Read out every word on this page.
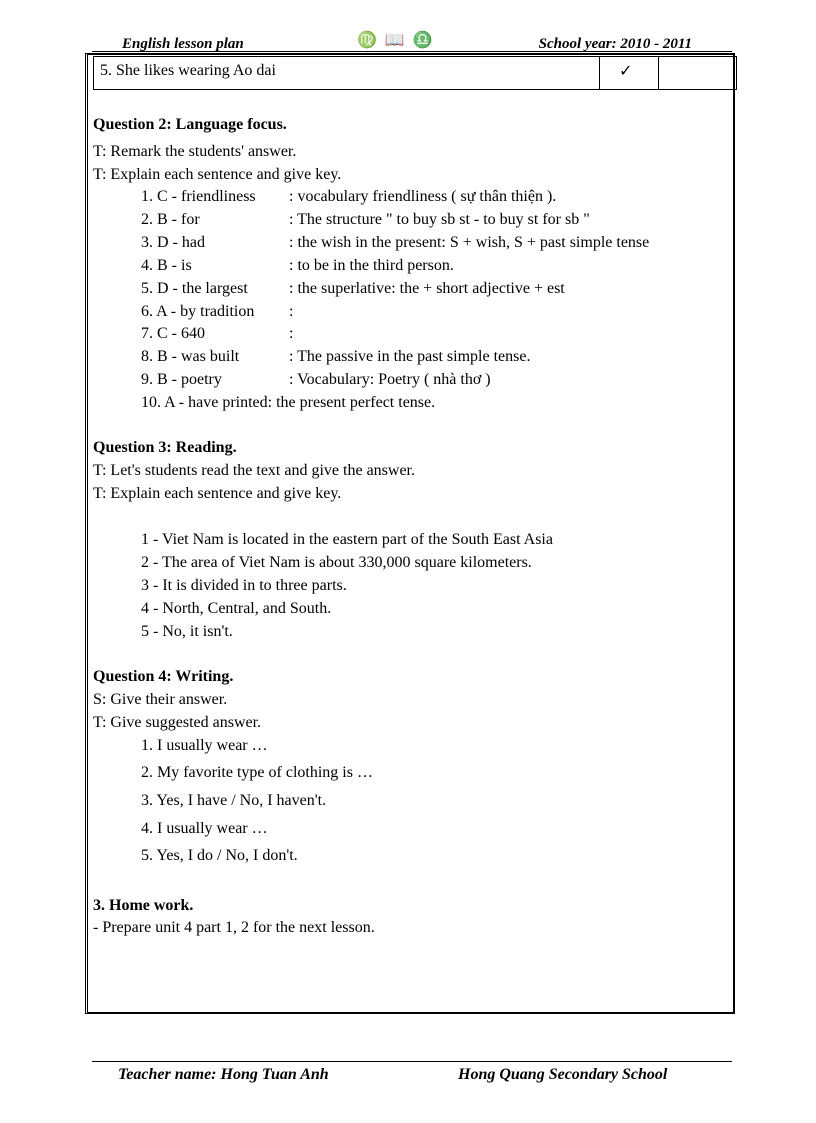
English lesson plan	♍ 📖 ♎	School year: 2010 - 2011
5. She likes wearing Ao dai	✓
Question 2: Language focus.
T: Remark the students' answer.
T: Explain each sentence and give key.
1. C - friendliness : vocabulary friendliness ( sự thân thiện ).
2. B - for	: The structure " to buy sb st - to buy st for sb "
3. D - had	: the wish in the present: S + wish, S + past simple tense
4. B - is	: to be in the third person.
5. D - the largest	: the superlative: the + short adjective + est
6. A - by tradition :
7. C - 640	:
8. B - was built	: The passive in the past simple tense.
9. B - poetry	: Vocabulary: Poetry ( nhà thơ )
10. A - have printed: the present perfect tense.
Question 3: Reading.
T: Let's students read the text and give the answer.
T: Explain each sentence and give key.
1 - Viet Nam is located in the eastern part of the South East Asia
2 - The area of Viet Nam is about 330,000 square kilometers.
3 - It is divided in to three parts.
4 - North, Central, and South.
5 - No, it isn't.
Question 4: Writing.
S: Give their answer.
T: Give suggested answer.
1. I usually wear …
2. My favorite type of clothing is …
3. Yes, I have / No, I haven't.
4. I usually wear …
5. Yes, I do / No, I don't.
3. Home work.
- Prepare unit 4 part 1, 2 for the next lesson.
Teacher name: Hong Tuan Anh	Hong Quang Secondary School
